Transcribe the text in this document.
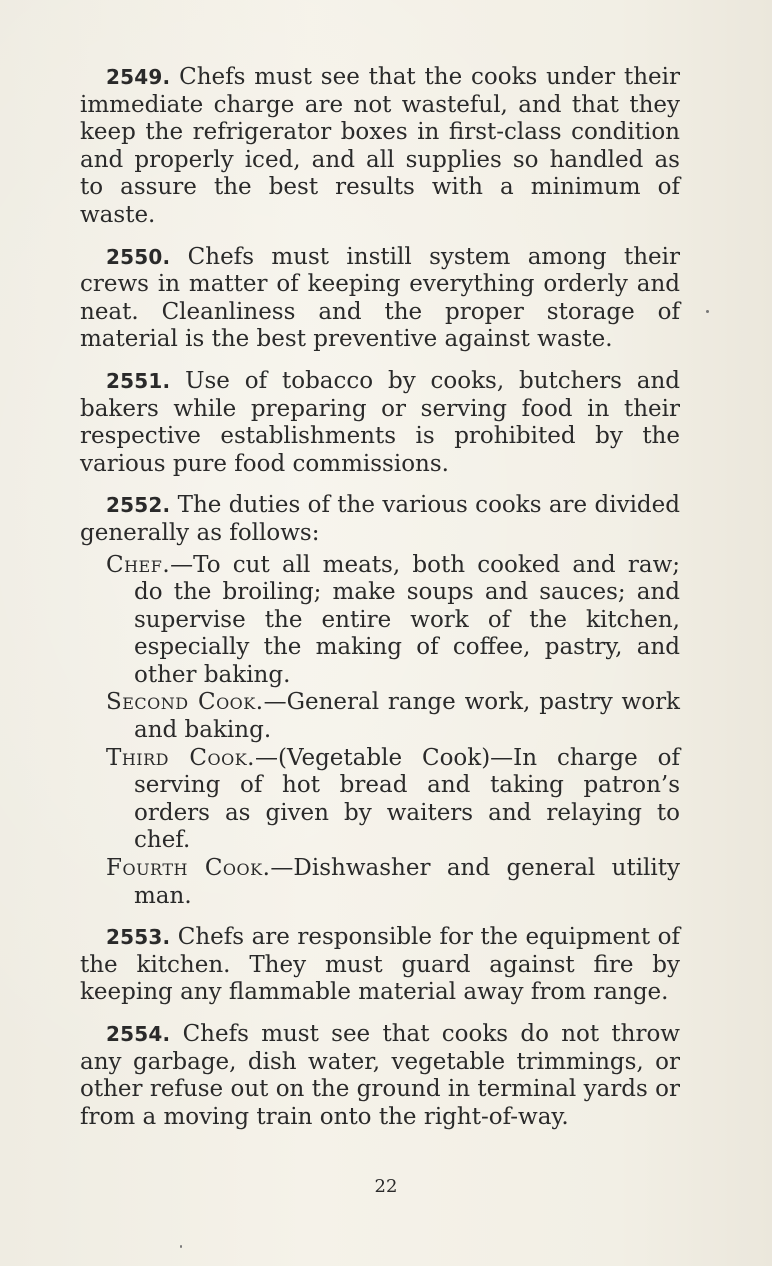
2549. Chefs must see that the cooks under their immediate charge are not wasteful, and that they keep the refrigerator boxes in first-class condition and properly iced, and all supplies so handled as to assure the best results with a minimum of waste.

2550. Chefs must instill system among their crews in matter of keeping everything orderly and neat. Cleanliness and the proper storage of material is the best preventive against waste.

2551. Use of tobacco by cooks, butchers and bakers while preparing or serving food in their respective establishments is prohibited by the various pure food commissions.

2552. The duties of the various cooks are divided generally as follows:

Chef.—To cut all meats, both cooked and raw; do the broiling; make soups and sauces; and supervise the entire work of the kitchen, especially the making of coffee, pastry, and other baking.

Second Cook.—General range work, pastry work and baking.

Third Cook.—(Vegetable Cook)—In charge of serving of hot bread and taking patron’s orders as given by waiters and relaying to chef.

Fourth Cook.—Dishwasher and general utility man.

2553. Chefs are responsible for the equipment of the kitchen. They must guard against fire by keeping any flammable material away from range.

2554. Chefs must see that cooks do not throw any garbage, dish water, vegetable trimmings, or other refuse out on the ground in terminal yards or from a moving train onto the right-of-way.

22
